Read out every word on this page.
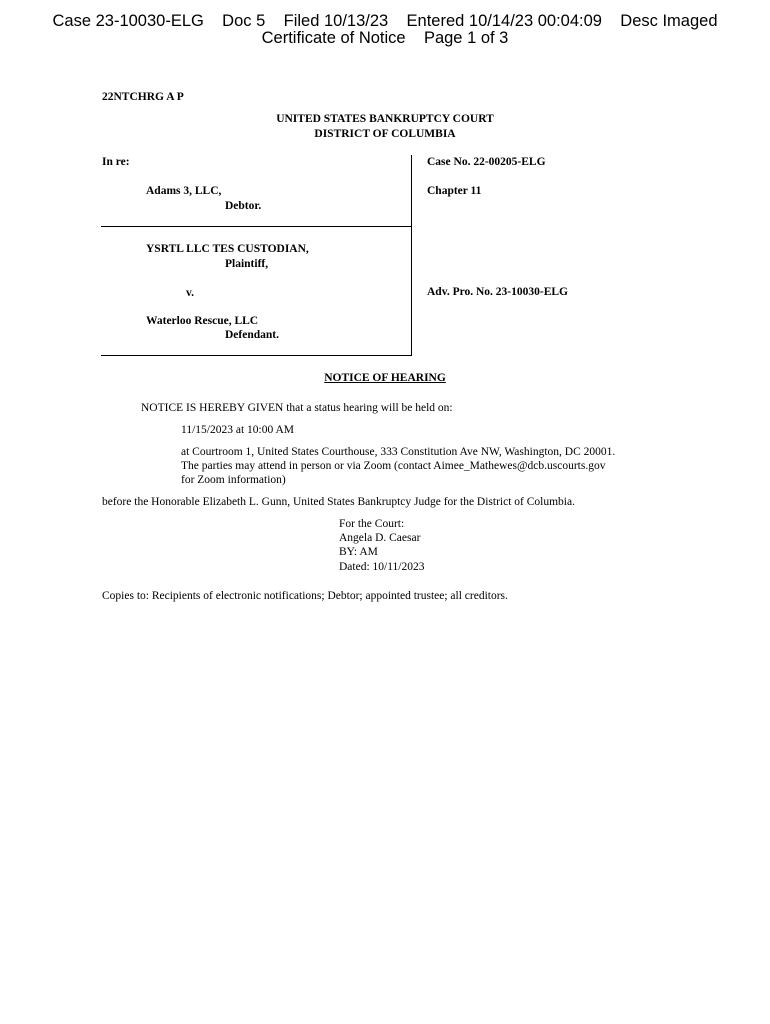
Case 23-10030-ELG    Doc 5    Filed 10/13/23    Entered 10/14/23 00:04:09    Desc Imaged
Certificate of Notice    Page 1 of 3
22NTCHRG A P
UNITED STATES BANKRUPTCY COURT
DISTRICT OF COLUMBIA
In re:
Adams 3, LLC,
Debtor.
YSRTL LLC TES CUSTODIAN,
Plaintiff,
v.
Waterloo Rescue, LLC
Defendant.
Case No. 22-00205-ELG
Chapter 11
Adv. Pro. No. 23-10030-ELG
NOTICE OF HEARING
NOTICE IS HEREBY GIVEN that a status hearing will be held on:
11/15/2023 at 10:00 AM
at Courtroom 1, United States Courthouse, 333 Constitution Ave NW, Washington, DC 20001. The parties may attend in person or via Zoom (contact Aimee_Mathewes@dcb.uscourts.gov for Zoom information)
before the Honorable Elizabeth L. Gunn, United States Bankruptcy Judge for the District of Columbia.
For the Court:
Angela D. Caesar
BY: AM
Dated: 10/11/2023
Copies to: Recipients of electronic notifications; Debtor; appointed trustee; all creditors.
